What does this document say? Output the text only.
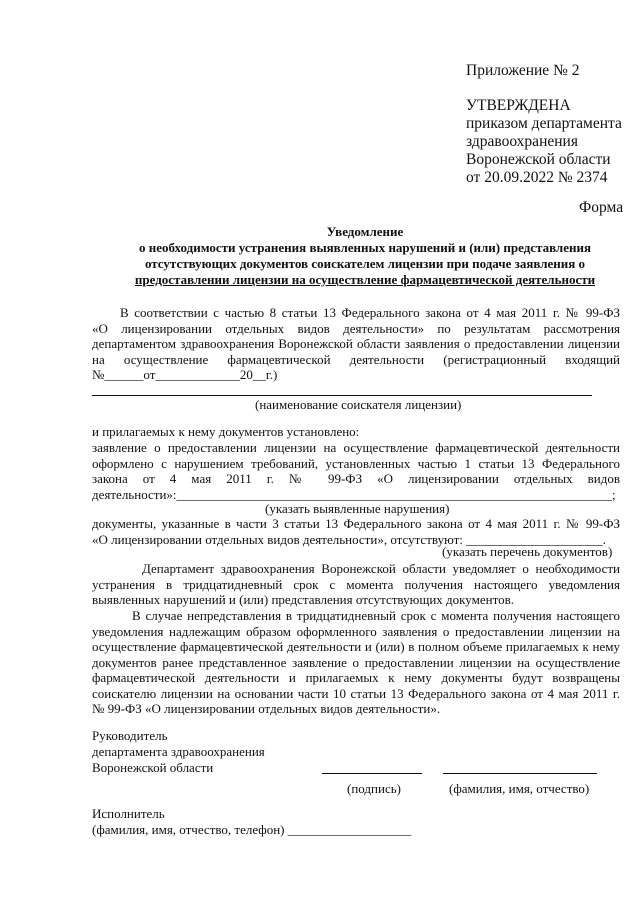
Приложение № 2
УТВЕРЖДЕНА
приказом департамента
здравоохранения
Воронежской области
от 20.09.2022 № 2374
Форма
Уведомление
о необходимости устранения выявленных нарушений и (или) представления
отсутствующих документов соискателем лицензии при подаче заявления о
предоставлении лицензии на осуществление фармацевтической деятельности
В соответствии с частью 8 статьи 13 Федерального закона от 4 мая 2011 г. № 99-ФЗ
«О лицензировании отдельных видов деятельности» по результатам рассмотрения
департаментом здравоохранения Воронежской области заявления о предоставлении лицензии
на осуществление фармацевтической деятельности (регистрационный входящий
№______от_____________20__г.)
(наименование соискателя лицензии)
и прилагаемых к нему документов установлено:
заявление о предоставлении лицензии на осуществление фармацевтической деятельности
оформлено с нарушением требований, установленных частью 1 статьи 13 Федерального
закона от 4 мая 2011 г. № 99-ФЗ «О лицензировании отдельных видов
деятельности»:___________________________________________________________________;
(указать выявленные нарушения)
документы, указанные в части 3 статьи 13 Федерального закона от 4 мая 2011 г. № 99-ФЗ
«О лицензировании отдельных видов деятельности», отсутствуют: _____________________.
(указать перечень документов)
Департамент здравоохранения Воронежской области уведомляет о необходимости
устранения в тридцатидневный срок с момента получения настоящего уведомления
выявленных нарушений и (или) представления отсутствующих документов.
В случае непредставления в тридцатидневный срок с момента получения настоящего
уведомления надлежащим образом оформленного заявления о предоставлении лицензии на
осуществление фармацевтической деятельности и (или) в полном объеме прилагаемых к нему
документов ранее представленное заявление о предоставлении лицензии на осуществление
фармацевтической деятельности и прилагаемых к нему документы будут возвращены
соискателю лицензии на основании части 10 статьи 13 Федерального закона от 4 мая 2011 г.
№ 99-ФЗ «О лицензировании отдельных видов деятельности».
Руководитель
департамента здравоохранения
Воронежской области
(подпись)	(фамилия, имя, отчество)
Исполнитель
(фамилия, имя, отчество, телефон) ___________________
